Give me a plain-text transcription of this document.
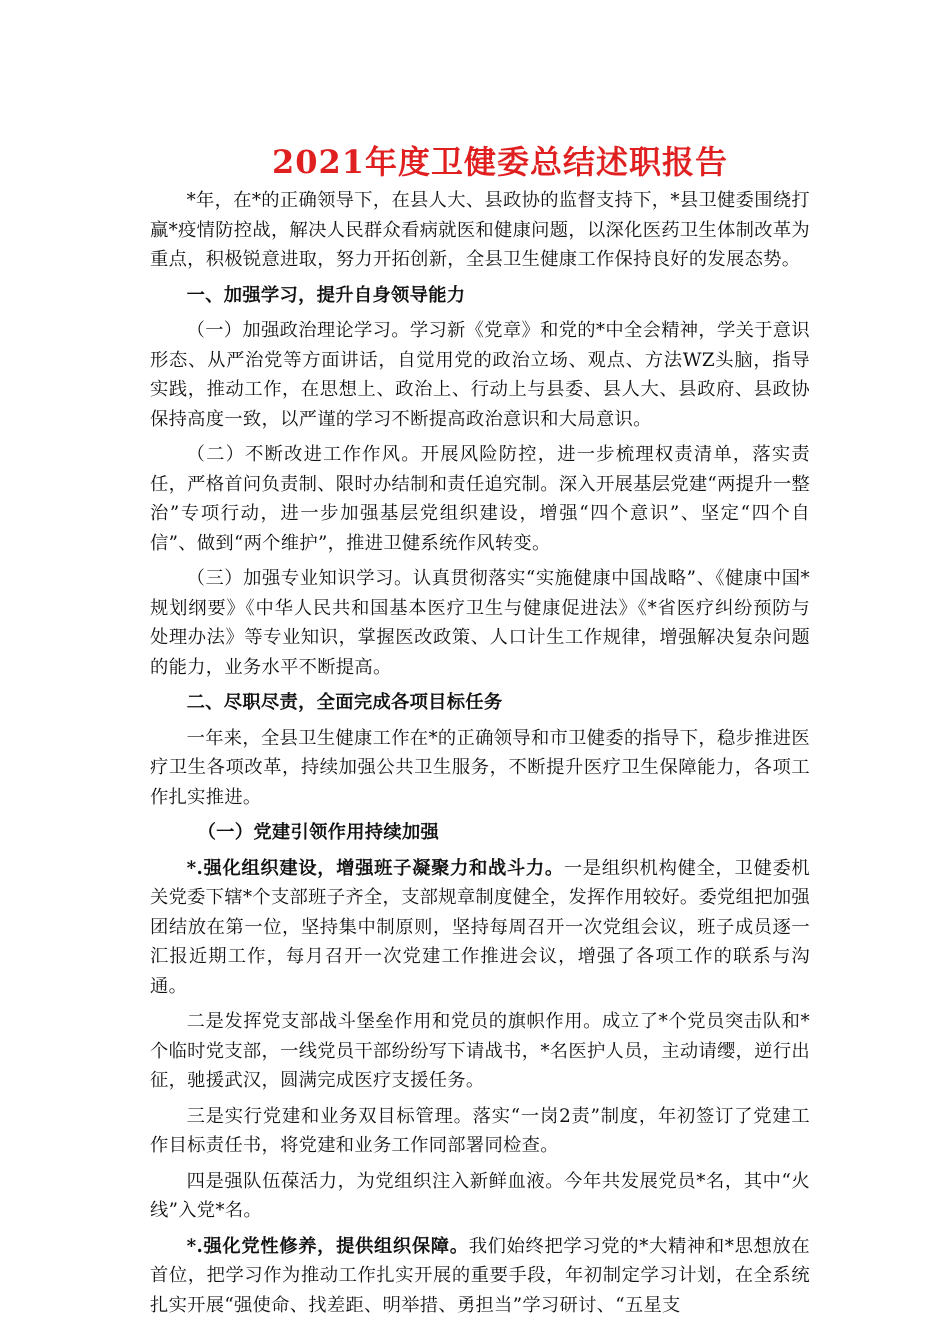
2021年度卫健委总结述职报告

*年，在*的正确领导下，在县人大、县政协的监督支持下，*县卫健委围绕打赢*疫情防控战，解决人民群众看病就医和健康问题，以深化医药卫生体制改革为重点，积极锐意进取，努力开拓创新，全县卫生健康工作保持良好的发展态势。

一、加强学习，提升自身领导能力

（一）加强政治理论学习。学习新《党章》和党的*中全会精神，学关于意识形态、从严治党等方面讲话，自觉用党的政治立场、观点、方法WZ头脑，指导实践，推动工作，在思想上、政治上、行动上与县委、县人大、县政府、县政协保持高度一致，以严谨的学习不断提高政治意识和大局意识。

（二）不断改进工作作风。开展风险防控，进一步梳理权责清单，落实责任，严格首问负责制、限时办结制和责任追究制。深入开展基层党建“两提升一整治”专项行动，进一步加强基层党组织建设，增强“四个意识”、坚定“四个自信”、做到“两个维护”，推进卫健系统作风转变。

（三）加强专业知识学习。认真贯彻落实“实施健康中国战略”、《健康中国*规划纲要》《中华人民共和国基本医疗卫生与健康促进法》《*省医疗纠纷预防与处理办法》等专业知识，掌握医改政策、人口计生工作规律，增强解决复杂问题的能力，业务水平不断提高。

二、尽职尽责，全面完成各项目标任务

一年来，全县卫生健康工作在*的正确领导和市卫健委的指导下，稳步推进医疗卫生各项改革，持续加强公共卫生服务，不断提升医疗卫生保障能力，各项工作扎实推进。

（一）党建引领作用持续加强

*.强化组织建设，增强班子凝聚力和战斗力。一是组织机构健全，卫健委机关党委下辖*个支部班子齐全，支部规章制度健全，发挥作用较好。委党组把加强团结放在第一位，坚持集中制原则，坚持每周召开一次党组会议，班子成员逐一汇报近期工作，每月召开一次党建工作推进会议，增强了各项工作的联系与沟通。

二是发挥党支部战斗堡垒作用和党员的旗帜作用。成立了*个党员突击队和*个临时党支部，一线党员干部纷纷写下请战书，*名医护人员，主动请缨，逆行出征，驰援武汉，圆满完成医疗支援任务。

三是实行党建和业务双目标管理。落实“一岗2责”制度，年初签订了党建工作目标责任书，将党建和业务工作同部署同检查。

四是强队伍葆活力，为党组织注入新鲜血液。今年共发展党员*名，其中“火线”入党*名。

*.强化党性修养，提供组织保障。我们始终把学习党的*大精神和*思想放在首位，把学习作为推动工作扎实开展的重要手段，年初制定学习计划，在全系统扎实开展“强使命、找差距、明举措、勇担当”学习研讨、“五星支
